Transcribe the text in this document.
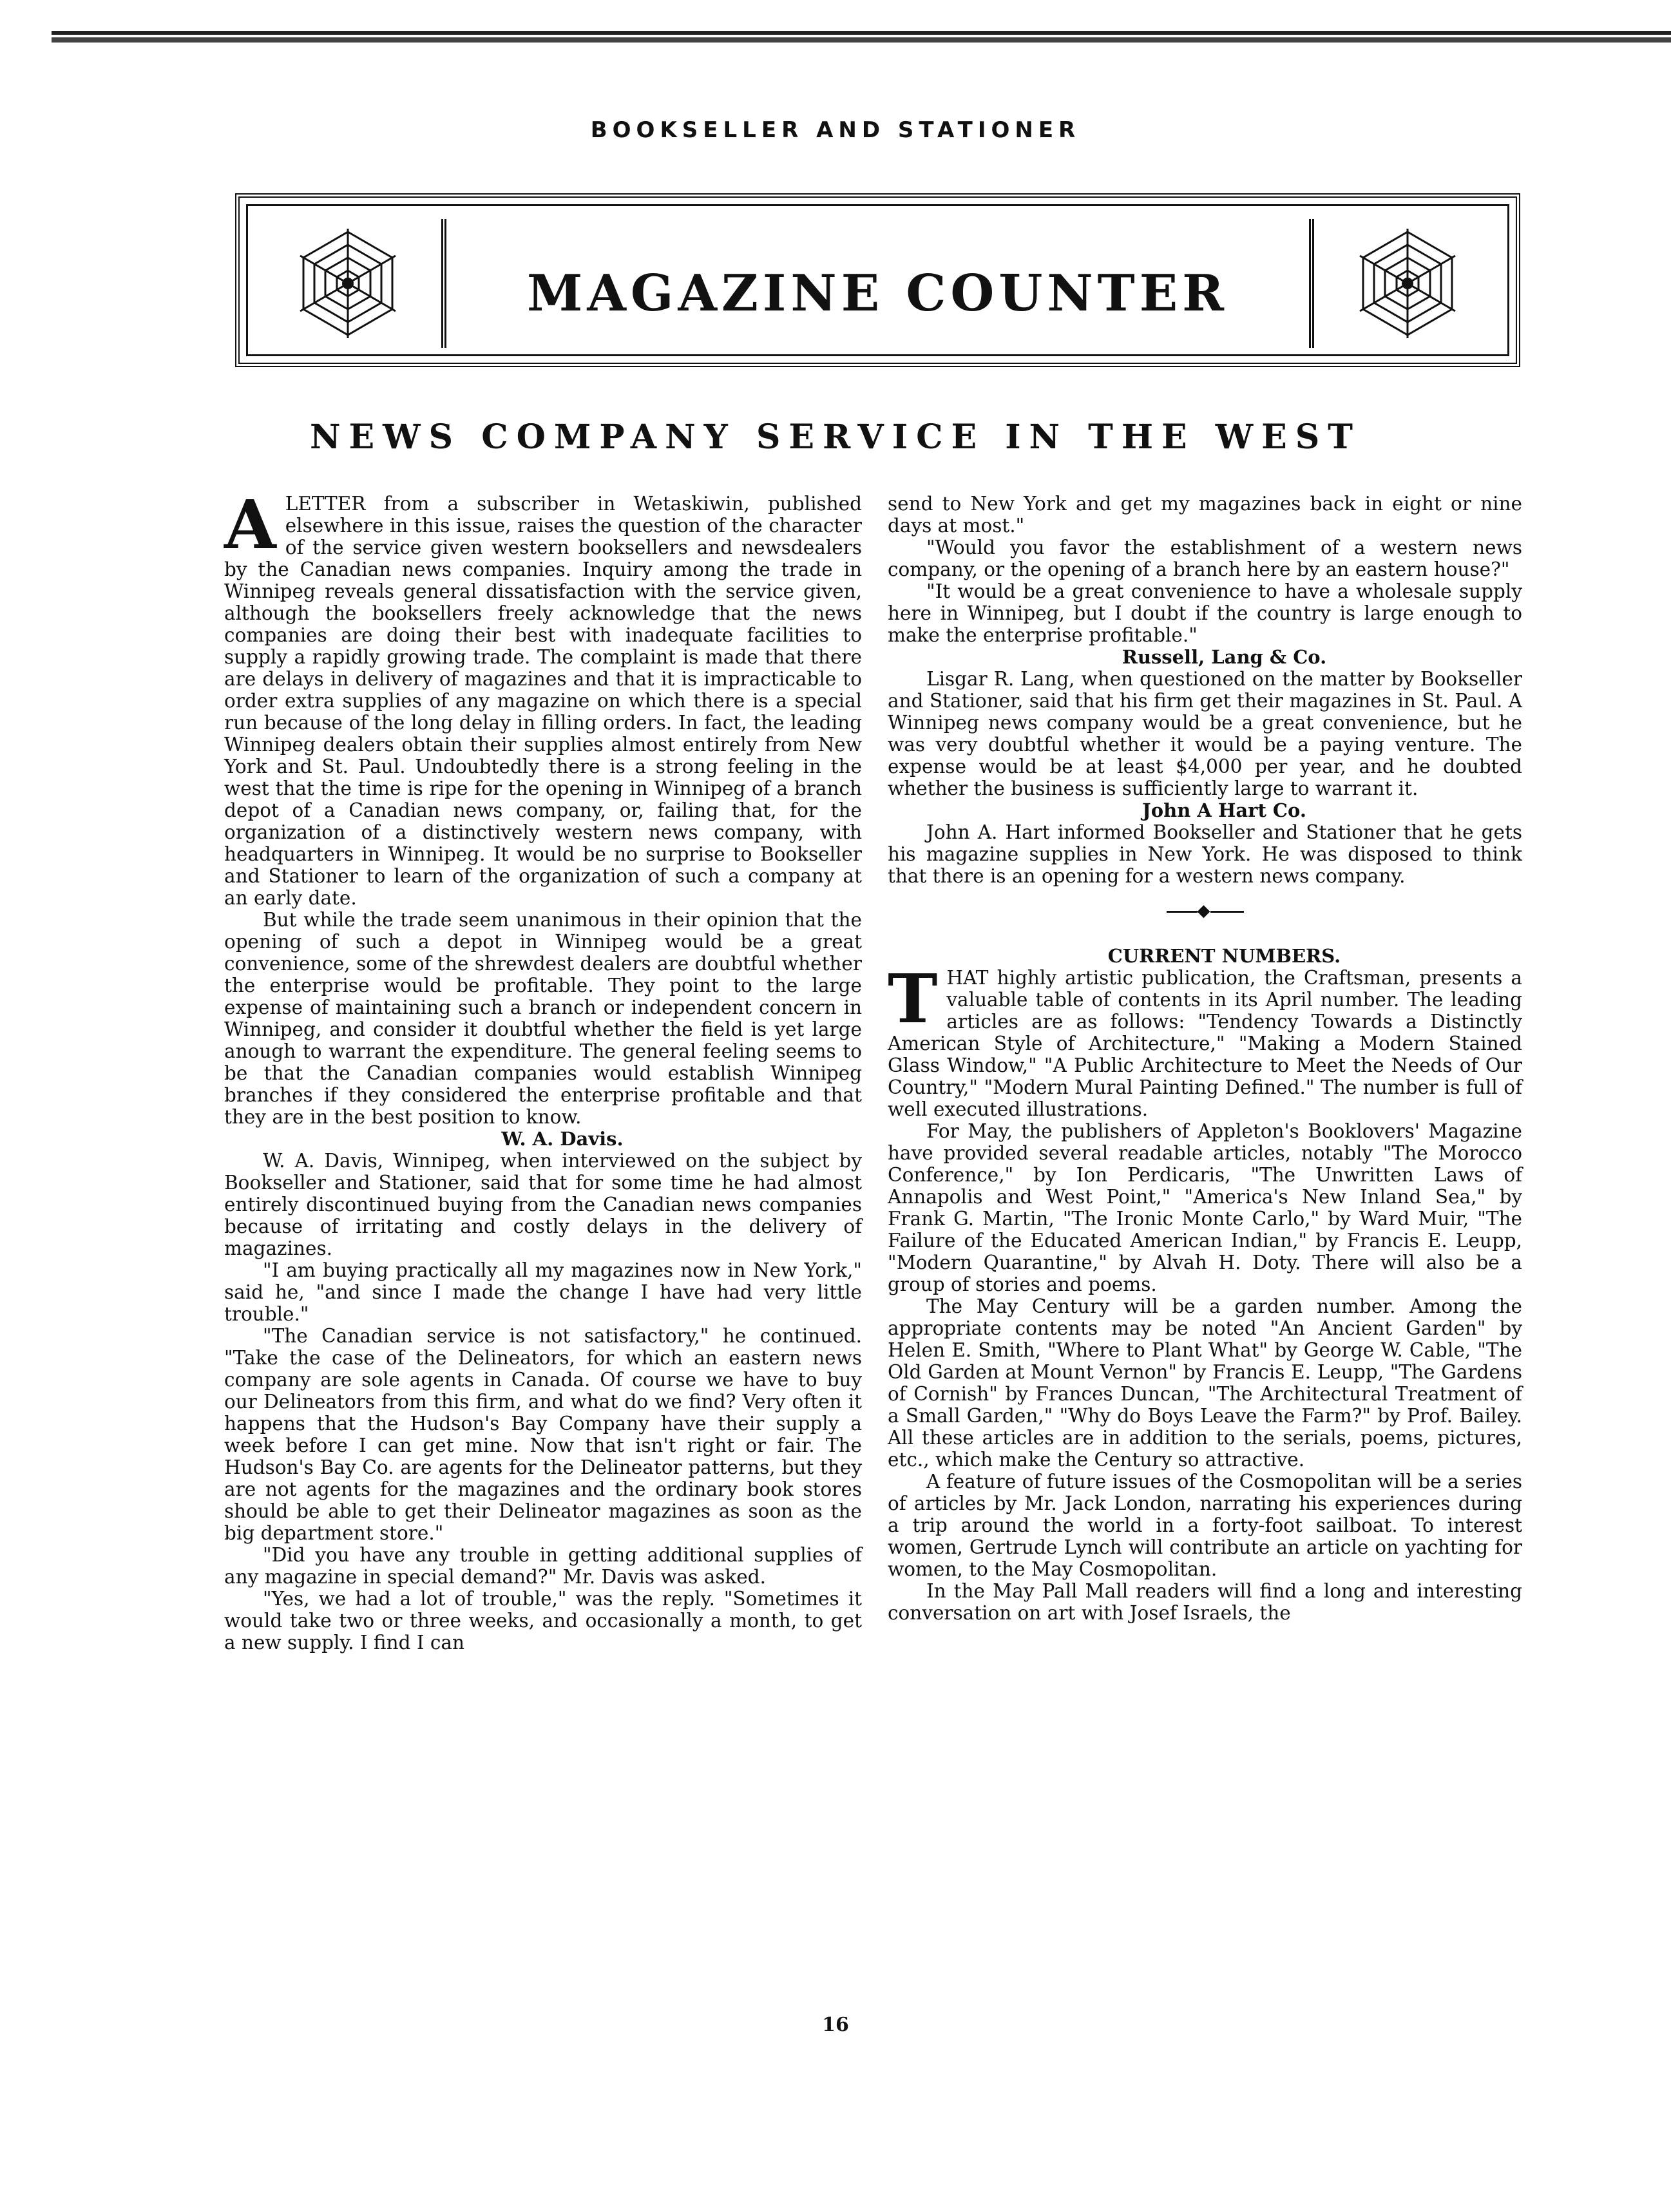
BOOKSELLER AND STATIONER
MAGAZINE COUNTER
NEWS COMPANY SERVICE IN THE WEST

A LETTER from a subscriber in Wetaskiwin, published elsewhere in this issue, raises the question of the character of the service given western booksellers and newsdealers by the Canadian news companies. Inquiry among the trade in Winnipeg reveals general dissatisfaction with the service given, although the booksellers freely acknowledge that the news companies are doing their best with inadequate facilities to supply a rapidly growing trade. The complaint is made that there are delays in delivery of magazines and that it is impracticable to order extra supplies of any magazine on which there is a special run because of the long delay in filling orders. In fact, the leading Winnipeg dealers obtain their supplies almost entirely from New York and St. Paul. Undoubtedly there is a strong feeling in the west that the time is ripe for the opening in Winnipeg of a branch depot of a Canadian news company, or, failing that, for the organization of a distinctively western news company, with headquarters in Winnipeg. It would be no surprise to Bookseller and Stationer to learn of the organization of such a company at an early date.

But while the trade seem unanimous in their opinion that the opening of such a depot in Winnipeg would be a great convenience, some of the shrewdest dealers are doubtful whether the enterprise would be profitable. They point to the large expense of maintaining such a branch or independent concern in Winnipeg, and consider it doubtful whether the field is yet large anough to warrant the expenditure. The general feeling seems to be that the Canadian companies would establish Winnipeg branches if they considered the enterprise profitable and that they are in the best position to know.

W. A. Davis.

W. A. Davis, Winnipeg, when interviewed on the subject by Bookseller and Stationer, said that for some time he had almost entirely discontinued buying from the Canadian news companies because of irritating and costly delays in the delivery of magazines.

"I am buying practically all my magazines now in New York," said he, "and since I made the change I have had very little trouble."

"The Canadian service is not satisfactory," he continued. "Take the case of the Delineators, for which an eastern news company are sole agents in Canada. Of course we have to buy our Delineators from this firm, and what do we find? Very often it happens that the Hudson's Bay Company have their supply a week before I can get mine. Now that isn't right or fair. The Hudson's Bay Co. are agents for the Delineator patterns, but they are not agents for the magazines and the ordinary book stores should be able to get their Delineator magazines as soon as the big department store."

"Did you have any trouble in getting additional supplies of any magazine in special demand?" Mr. Davis was asked.

"Yes, we had a lot of trouble," was the reply. "Sometimes it would take two or three weeks, and occasionally a month, to get a new supply. I find I can

send to New York and get my magazines back in eight or nine days at most."

"Would you favor the establishment of a western news company, or the opening of a branch here by an eastern house?"

"It would be a great convenience to have a wholesale supply here in Winnipeg, but I doubt if the country is large enough to make the enterprise profitable."

Russell, Lang & Co.

Lisgar R. Lang, when questioned on the matter by Bookseller and Stationer, said that his firm get their magazines in St. Paul. A Winnipeg news company would be a great convenience, but he was very doubtful whether it would be a paying venture. The expense would be at least $4,000 per year, and he doubted whether the business is sufficiently large to warrant it.

John A Hart Co.

John A. Hart informed Bookseller and Stationer that he gets his magazine supplies in New York. He was disposed to think that there is an opening for a western news company.

◆

CURRENT NUMBERS.

THAT highly artistic publication, the Craftsman, presents a valuable table of contents in its April number. The leading articles are as follows: "Tendency Towards a Distinctly American Style of Architecture," "Making a Modern Stained Glass Window," "A Public Architecture to Meet the Needs of Our Country," "Modern Mural Painting Defined." The number is full of well executed illustrations.

For May, the publishers of Appleton's Booklovers' Magazine have provided several readable articles, notably "The Morocco Conference," by Ion Perdicaris, "The Unwritten Laws of Annapolis and West Point," "America's New Inland Sea," by Frank G. Martin, "The Ironic Monte Carlo," by Ward Muir, "The Failure of the Educated American Indian," by Francis E. Leupp, "Modern Quarantine," by Alvah H. Doty. There will also be a group of stories and poems.

The May Century will be a garden number. Among the appropriate contents may be noted "An Ancient Garden" by Helen E. Smith, "Where to Plant What" by George W. Cable, "The Old Garden at Mount Vernon" by Francis E. Leupp, "The Gardens of Cornish" by Frances Duncan, "The Architectural Treatment of a Small Garden," "Why do Boys Leave the Farm?" by Prof. Bailey. All these articles are in addition to the serials, poems, pictures, etc., which make the Century so attractive.

A feature of future issues of the Cosmopolitan will be a series of articles by Mr. Jack London, narrating his experiences during a trip around the world in a forty-foot sailboat. To interest women, Gertrude Lynch will contribute an article on yachting for women, to the May Cosmopolitan.

In the May Pall Mall readers will find a long and interesting conversation on art with Josef Israels, the

16
